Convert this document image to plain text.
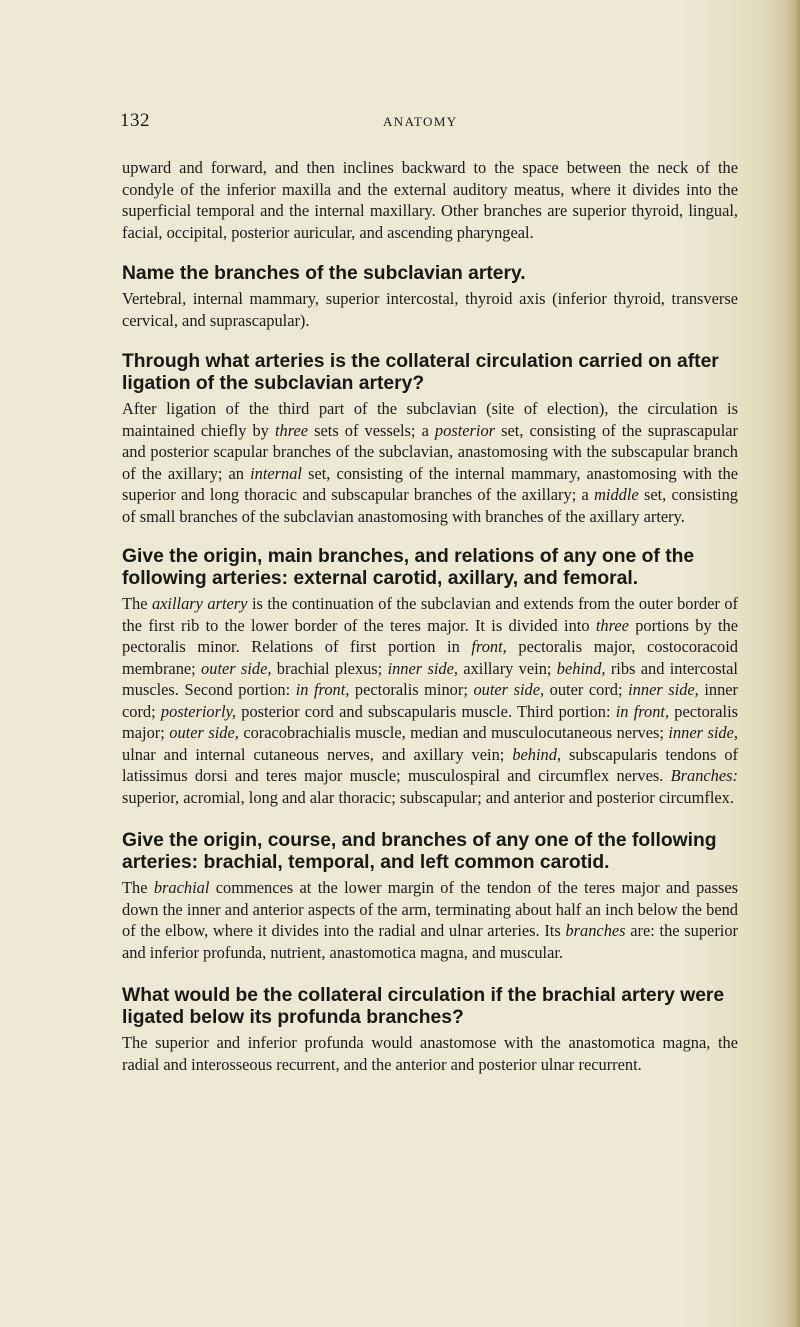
132	ANATOMY

upward and forward, and then inclines backward to the space between the neck of the condyle of the inferior maxilla and the external auditory meatus, where it divides into the superficial temporal and the internal maxillary. Other branches are superior thyroid, lingual, facial, occipital, posterior auricular, and ascending pharyngeal.

Name the branches of the subclavian artery.

Vertebral, internal mammary, superior intercostal, thyroid axis (inferior thyroid, transverse cervical, and suprascapular).

Through what arteries is the collateral circulation carried on after ligation of the subclavian artery?

After ligation of the third part of the subclavian (site of election), the circulation is maintained chiefly by three sets of vessels; a posterior set, consisting of the suprascapular and posterior scapular branches of the subclavian, anastomosing with the subscapular branch of the axillary; an internal set, consisting of the internal mammary, anastomosing with the superior and long thoracic and subscapular branches of the axillary; a middle set, consisting of small branches of the subclavian anastomosing with branches of the axillary artery.

Give the origin, main branches, and relations of any one of the following arteries: external carotid, axillary, and femoral.

The axillary artery is the continuation of the subclavian and extends from the outer border of the first rib to the lower border of the teres major. It is divided into three portions by the pectoralis minor. Relations of first portion in front, pectoralis major, costocoracoid membrane; outer side, brachial plexus; inner side, axillary vein; behind, ribs and intercostal muscles. Second portion: in front, pectoralis minor; outer side, outer cord; inner side, inner cord; posteriorly, posterior cord and subscapularis muscle. Third portion: in front, pectoralis major; outer side, coracobrachialis muscle, median and musculocutaneous nerves; inner side, ulnar and internal cutaneous nerves, and axillary vein; behind, subscapularis tendons of latissimus dorsi and teres major muscle; musculospiral and circumflex nerves. Branches: superior, acromial, long and alar thoracic; subscapular; and anterior and posterior circumflex.

Give the origin, course, and branches of any one of the following arteries: brachial, temporal, and left common carotid.

The brachial commences at the lower margin of the tendon of the teres major and passes down the inner and anterior aspects of the arm, terminating about half an inch below the bend of the elbow, where it divides into the radial and ulnar arteries. Its branches are: the superior and inferior profunda, nutrient, anastomotica magna, and muscular.

What would be the collateral circulation if the brachial artery were ligated below its profunda branches?

The superior and inferior profunda would anastomose with the anastomotica magna, the radial and interosseous recurrent, and the anterior and posterior ulnar recurrent.
